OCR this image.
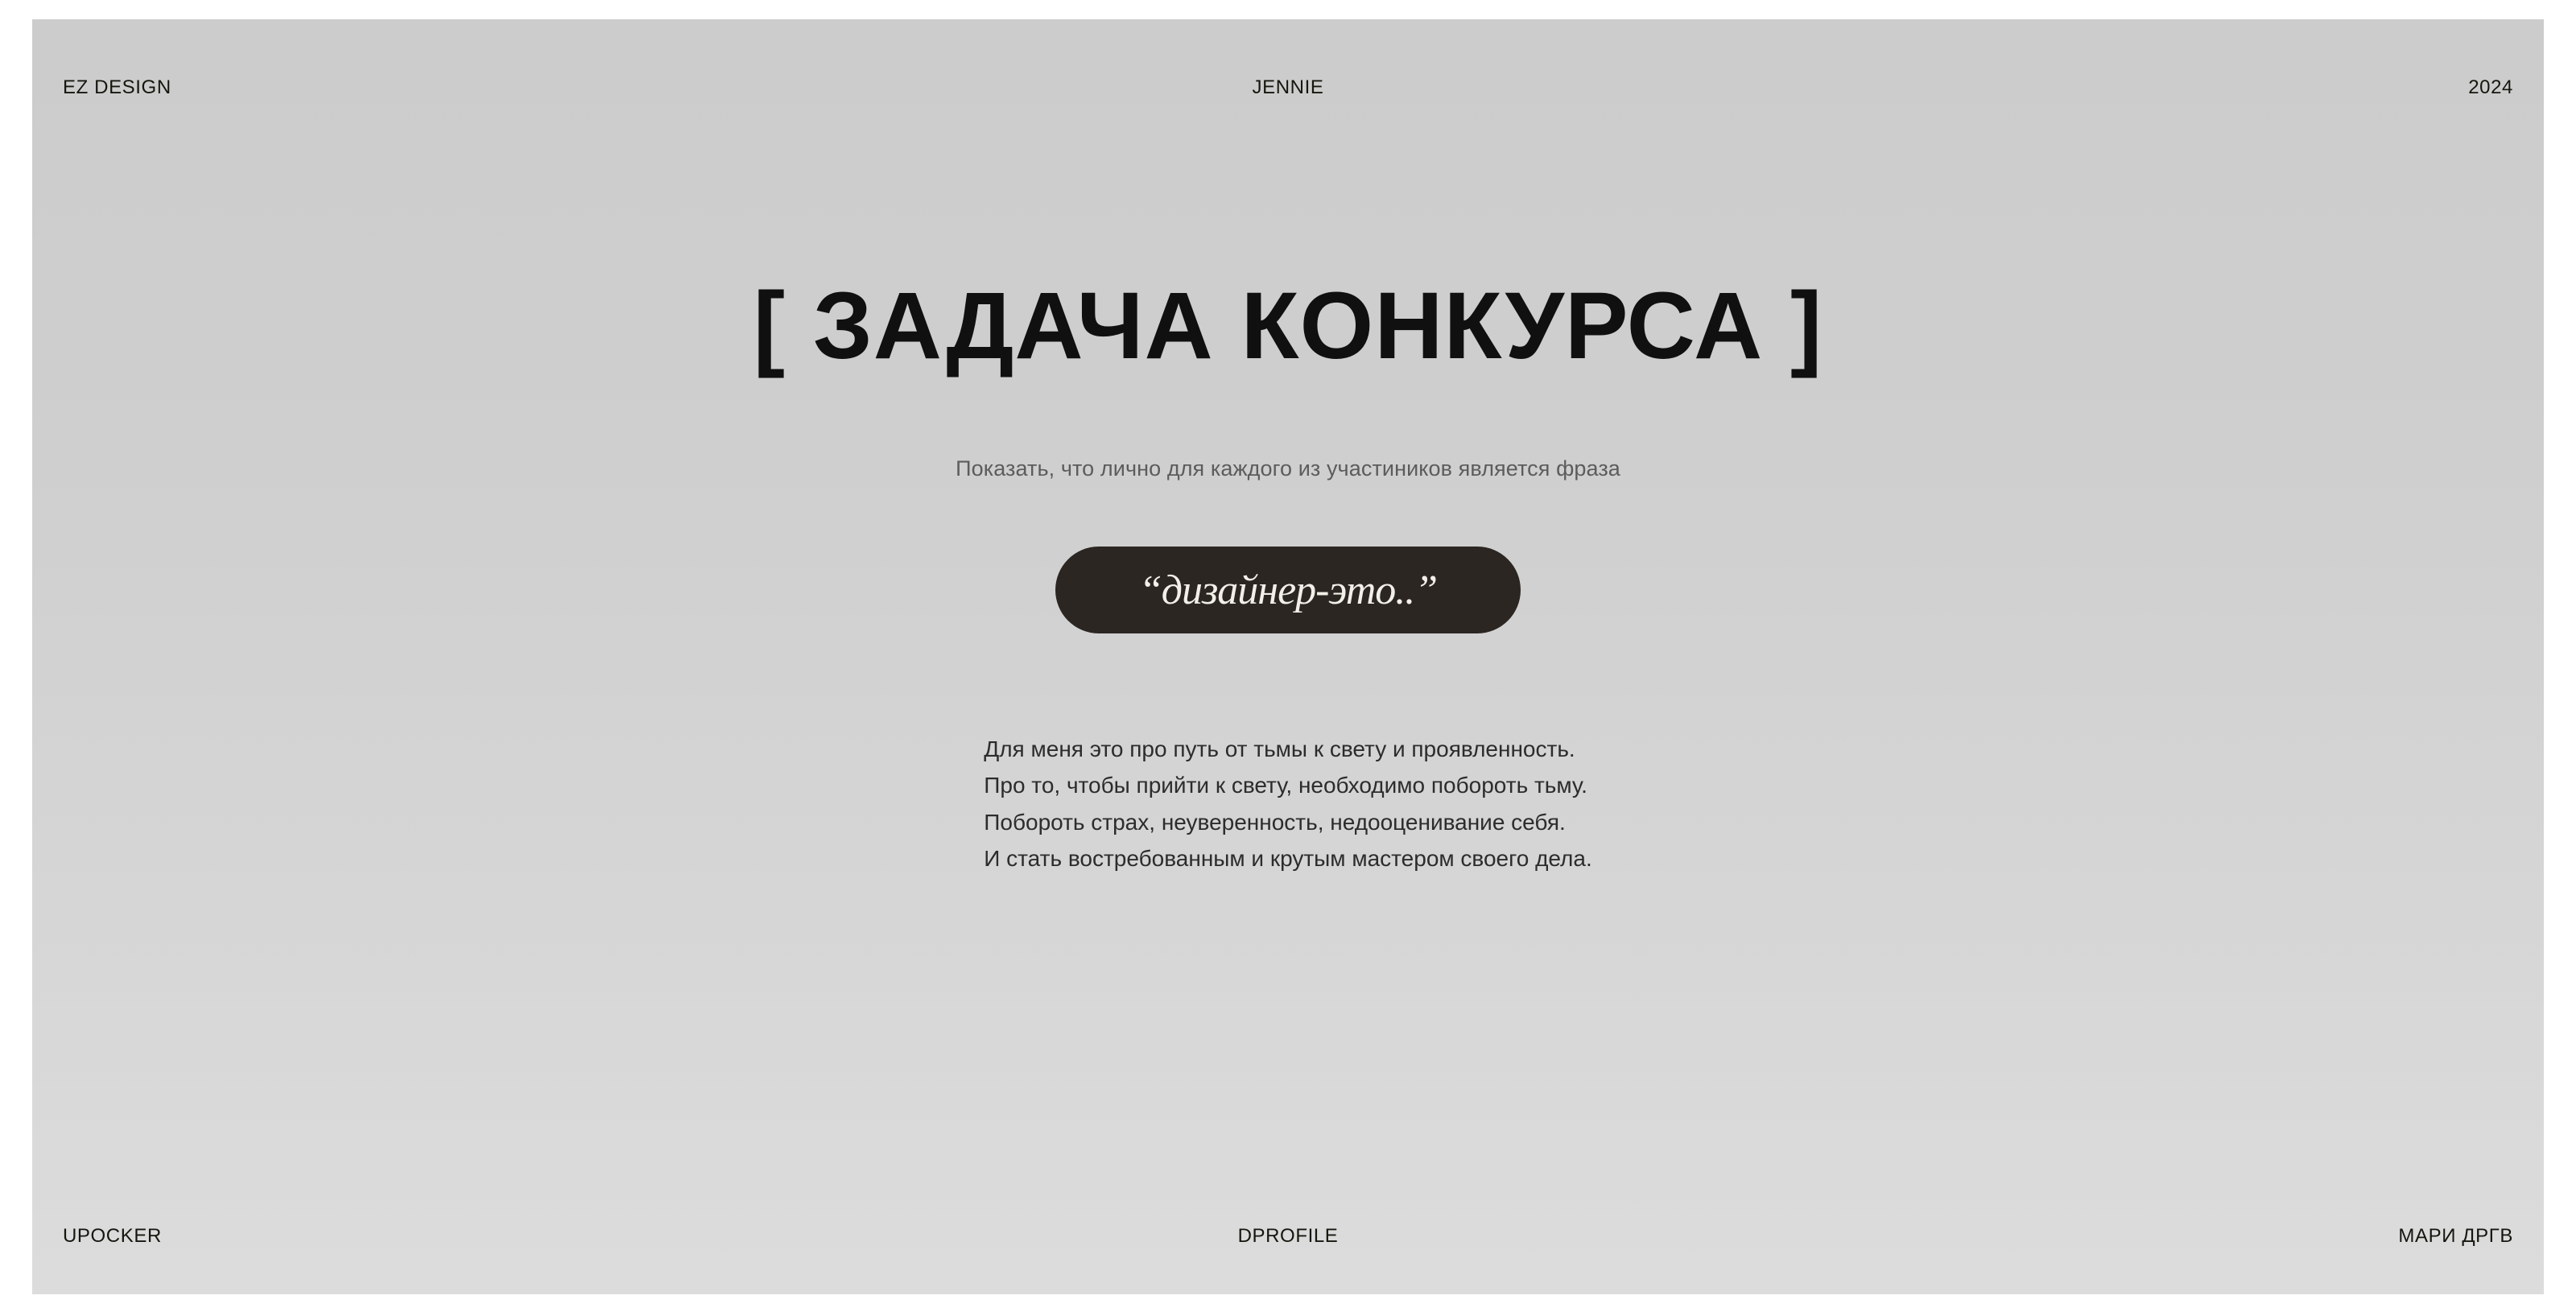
EZ DESIGN	JENNIE	2024
[ ЗАДАЧА КОНКУРСА ]
Показать, что лично для каждого из участиников является фраза
“дизайнер-это..”
Для меня это про путь от тьмы к свету и проявленность.
Про то, чтобы прийти к свету, необходимо побороть тьму.
Побороть страх, неуверенность, недооценивание себя.
И стать востребованным и крутым мастером своего дела.
UPOCKER	DPROFILE	МАРИ ДРГВ
